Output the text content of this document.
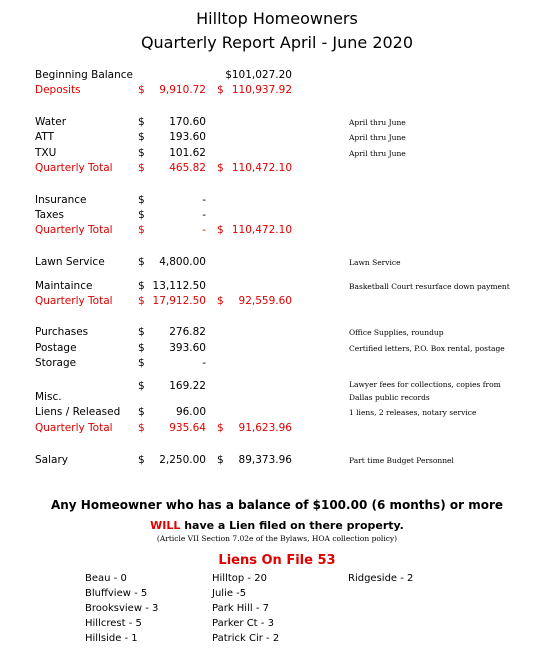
Hilltop Homeowners
Quarterly Report April - June 2020
Beginning Balance	$101,027.20
Deposits	$	9,910.72 $ 110,937.92
Water	$	170.60	April thru June
ATT	$	193.60	April thru June
TXU	$	101.62	April thru June
Quarterly Total $	465.82 $ 110,472.10
Insurance	$	-
Taxes	$	-
Quarterly Total $	- $ 110,472.10
Lawn Service	$	4,800.00	Lawn Service
Maintaince	$ 13,112.50	Basketball Court resurface down payment
Quarterly Total $ 17,912.50 $	92,559.60
Purchases	$	276.82	Office Supplies, roundup
Postage	$	393.60	Certified letters, P.O. Box rental, postage
Storage	$	-
$	169.22	Lawyer fees for collections, copies from
Dallas public records
Misc.
Liens / Released $	96.00	1 liens, 2 releases, notary service
Quarterly Total $	935.64 $	91,623.96
Salary	$	2,250.00 $	89,373.96	Part time Budget Personnel
Any Homeowner who has a balance of $100.00 (6 months) or more
WILL have a Lien filed on there property.
(Article VII Section 7.02e of the Bylaws, HOA collection policy)
Liens On File 53
Beau - 0
Bluffview - 5
Brooksview - 3
Hillcrest - 5
Hillside - 1
Hilltop - 20
Julie -5
Park Hill - 7
Parker Ct - 3
Patrick Cir - 2
Ridgeside - 2
